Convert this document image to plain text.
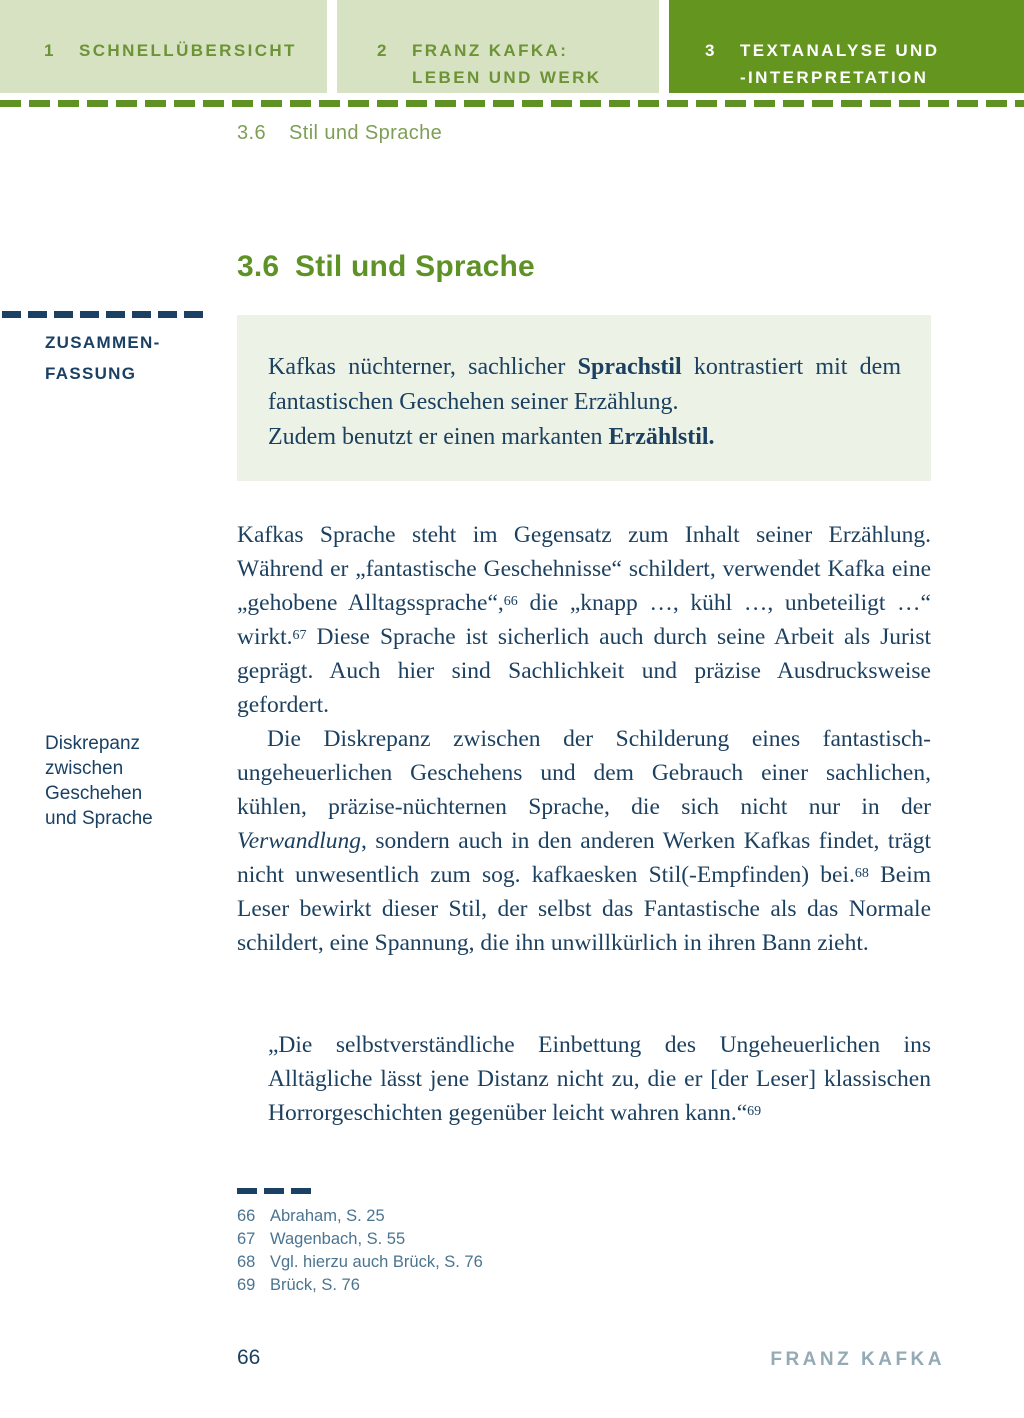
1	SCHNELLÜBERSICHT	2	FRANZ KAFKA:
LEBEN UND WERK
3	TEXTANALYSE UND
-INTERPRETATION
3.6 Stil und Sprache
3.6 Stil und Sprache
ZUSAMMEN-
FASSUNG	Kafkas nüchterner, sachlicher Sprachstil kontrastiert mit dem fantastischen Geschehen seiner Erzählung.

Zudem benutzt er einen markanten Erzählstil.

Diskrepanz
zwischen
Geschehen
und Sprache

Kafkas Sprache steht im Gegensatz zum Inhalt seiner Erzählung. Während er „fantastische Geschehnisse“ schildert, verwendet Kafka eine „gehobene Alltagssprache“,$^{66}$ die „knapp …, kühl …, unbeteiligt …“ wirkt.$^{67}$ Diese Sprache ist sicherlich auch durch seine Arbeit als Jurist geprägt. Auch hier sind Sachlichkeit und präzise Ausdrucksweise gefordert.

Die Diskrepanz zwischen der Schilderung eines fantastisch-ungeheuerlichen Geschehens und dem Gebrauch einer sachlichen, kühlen, präzise-nüchternen Sprache, die sich nicht nur in der Verwandlung, sondern auch in den anderen Werken Kafkas findet, trägt nicht unwesentlich zum sog. kafkaesken Stil(-Empfinden) bei.$^{68}$ Beim Leser bewirkt dieser Stil, der selbst das Fantastische als das Normale schildert, eine Spannung, die ihn unwillkürlich in ihren Bann zieht.

„Die selbstverständliche Einbettung des Ungeheuerlichen ins Alltägliche lässt jene Distanz nicht zu, die er [der Leser] klassischen Horrorgeschichten gegenüber leicht wahren kann.“$^{69}$

66 Abraham, S. 25
67 Wagenbach, S. 55
68 Vgl. hierzu auch Brück, S. 76
69 Brück, S. 76
66	FRANZ KAFKA
